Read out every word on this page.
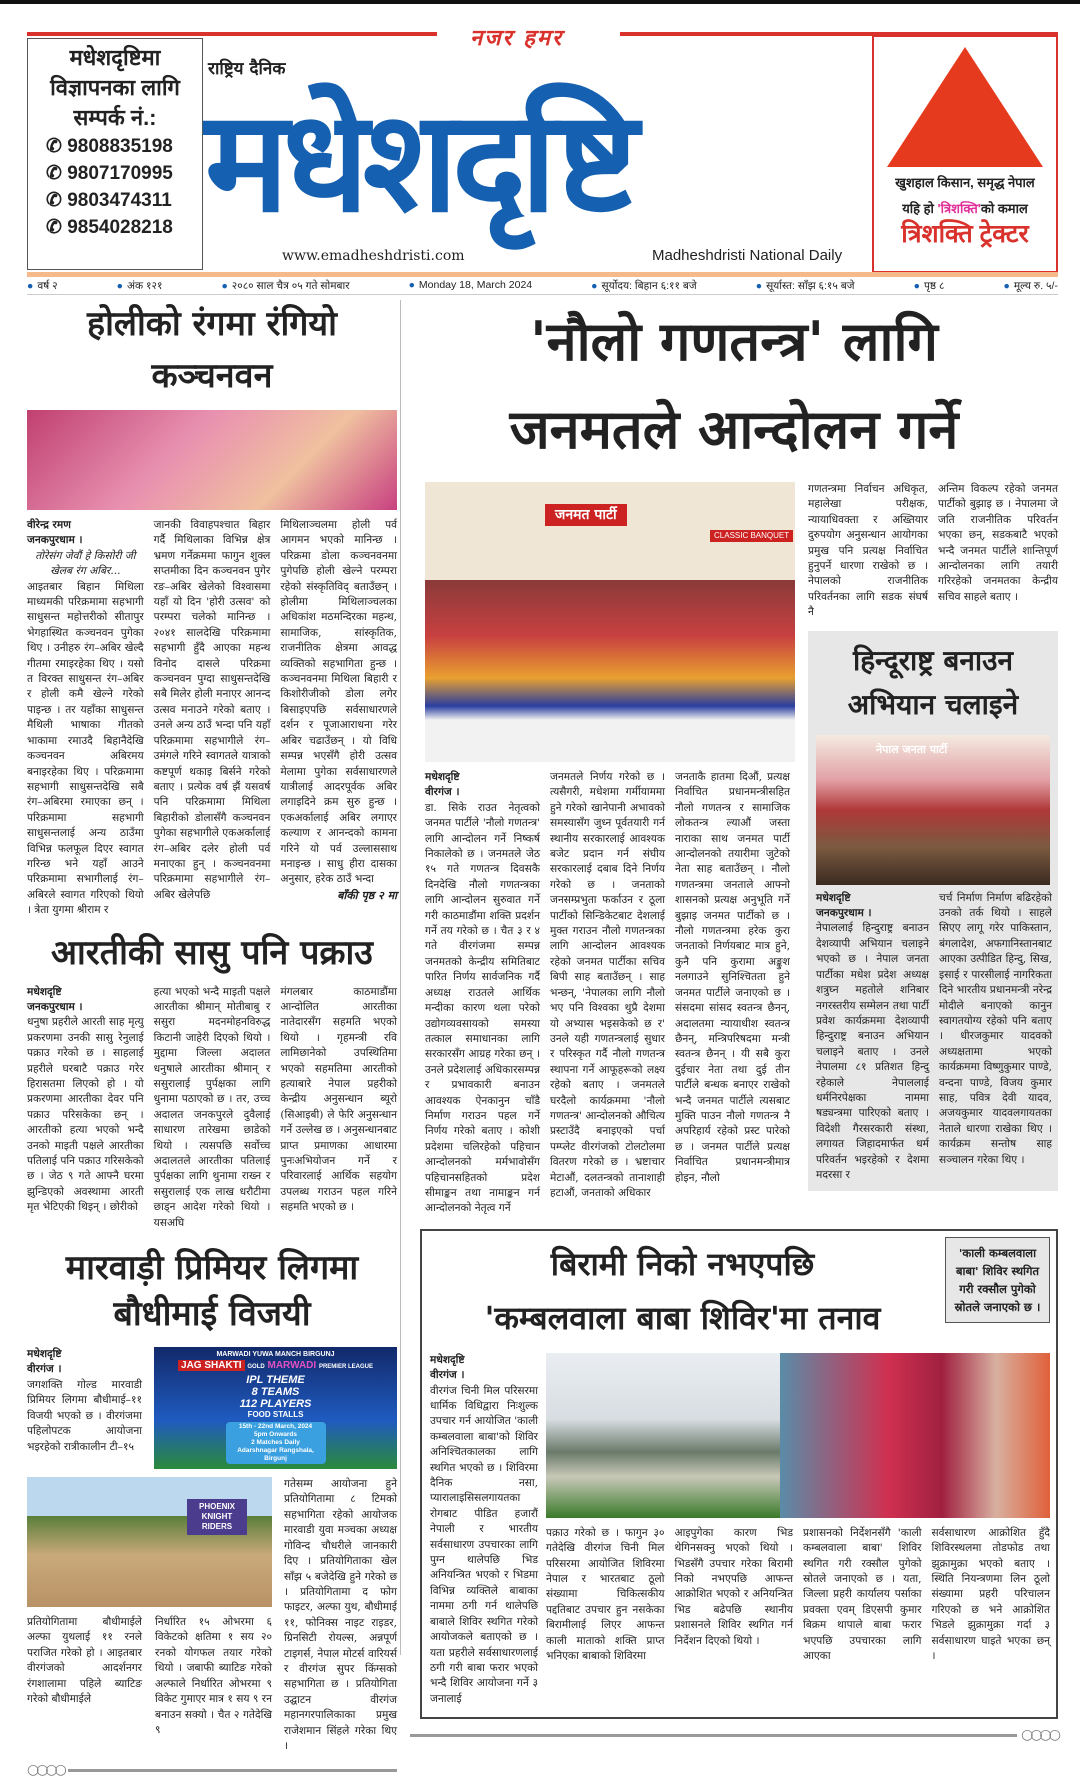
नजर हमर
मधेशदृष्टिमा
विज्ञापनका लागि
सम्पर्क नं.:
✆ 9808835198
✆ 9807170995
✆ 9803474311
✆ 9854028218
राष्ट्रिय दैनिक
मधेशदृष्टि
www.emadheshdristi.com	Madheshdristi National Daily
खुशहाल किसान, समृद्ध नेपाल
यहि हो 'त्रिशक्ति'को कमाल
त्रिशक्ति ट्रेक्टर
● वर्ष २	● अंक १२१	● २०८० साल चैत्र ०५ गते सोमबार	● Monday 18, March 2024	● सूर्योदय: बिहान ६:११ बजे	● सूर्यास्त: साँझ ६:१५ बजे	● पृष्ठ ८	● मूल्य रु. ५/-
होलीको रंगमा रंगियो कञ्चनवन
वीरेन्द्र रमण
जनकपुरधाम ।
तोरेसंग जेवौं हे किसोरी जी
खेलब रंग अबिर...

आइतबार बिहान मिथिला माध्यमकी परिक्रमामा सहभागी साधुसन्त महोत्तरीको सीतापुर भेगहास्थित कञ्चनवन पुगेका थिए । उनीहरु रंग–अबिर खेल्दै गीतमा रमाइरहेका थिए । यसो त विरक्त साधुसन्त रंग–अबिर र होली कमै खेल्ने गरेको पाइन्छ । तर यहाँका साधुसन्त मैथिली भाषाका गीतको भाकामा रमाउदै बिहानैदेखि कञ्चनवन अबिरमय बनाइरहेका थिए । परिक्रमामा सहभागी साधुसन्तदेखि सबै रंग–अबिरमा रमाएका छन् । परिक्रमामा सहभागी साधुसन्तलाई अन्य ठाउँमा विभिन्न फलफूल दिएर स्वागत गरिन्छ भने यहाँ आउने परिक्रमामा सभागीलाई रंग–अबिरले स्वागत गरिएको थियो । त्रेता युगमा श्रीराम र

जानकी विवाहपश्चात बिहार गर्दै मिथिलाका विभिन्न क्षेत्र भ्रमण गर्नेक्रममा फागुन शुक्ल सप्तमीका दिन कञ्चनवन पुगेर रङ–अबिर खेलेको विश्वासमा यहाँ यो दिन 'होरी उत्सव' को परम्परा चलेको मानिन्छ । २०४१ सालदेखि परिक्रमामा सहभागी हुँदै आएका महन्थ विनोद दासले परिक्रमा कञ्चनवन पुग्दा साधुसन्तदेखि सबै मिलेर होली मनाएर आनन्द उत्सव मनाउने गरेको बताए । उनले अन्य ठाउँ भन्दा पनि यहाँ परिक्रमामा सहभागीले रंग–उमंगले गरिने स्वागतले यात्राको कष्टपूर्ण थकाइ बिर्सने गरेको बताए । प्रत्येक वर्ष झैं यसवर्ष पनि परिक्रमामा मिथिला बिहारीको डोलासँगै कञ्चनवन पुगेका सहभागीले एकअर्कालाई रंग–अबिर दलेर होली पर्व मनाएका हुन् । कञ्चनवनमा परिक्रमामा सहभागीले रंग–अबिर खेलेपछि

मिथिलाञ्चलमा होली पर्व आगमन भएको मानिन्छ । परिक्रमा डोला कञ्चनवनमा पुगेपछि होली खेल्ने परम्परा रहेको संस्कृतिविद् बताउँछन् । होलीमा मिथिलाञ्चलका अधिकांश मठमन्दिरका महन्थ, सामाजिक, सांस्कृतिक, राजनीतिक क्षेत्रमा आवद्ध व्यक्तिको सहभागिता हुन्छ । कञ्चनवनमा मिथिला बिहारी र किशोरीजीको डोला लगेर बिसाइएपछि सर्वसाधारणले दर्शन र पूजाआराधना गरेर अबिर चढाउँछन् । यो विधि सम्पन्न भएसँगै होरी उत्सव मेलामा पुगेका सर्वसाधारणले यात्रीलाई आदरपूर्वक अबिर लगाइदिने क्रम सुरु हुन्छ । एकअर्कालाई अबिर लगाएर कल्याण र आनन्दको कामना गरिने यो पर्व उल्लाससाथ मनाइन्छ । साधु हीरा दासका अनुसार, हरेक ठाउँ भन्दा

बाँकी पृष्ठ २ मा
आरतीकी सासु पनि पक्राउ
मधेशदृष्टि
जनकपुरधाम ।

धनुषा प्रहरीले आरती साह मृत्यु प्रकरणमा उनकी सासु रेनुलाई पक्राउ गरेको छ । साहलाई प्रहरीले घरबाटै पक्राउ गरेर हिरासतमा लिएको हो । यो प्रकरणमा आरतीका देवर पनि पक्राउ परिसकेका छन् । आरतीको हत्या भएको भन्दै उनको माइती पक्षले आरतीका पतिलाई पनि पक्राउ गरिसकेको छ । जेठ ९ गते आफ्नै घरमा झुन्डिएको अवस्थामा आरती मृत भेटिएकी थिइन् । छोरीको

हत्या भएको भन्दै माइती पक्षले आरतीका श्रीमान् मोतीबाबु र ससुरा मदनमोहनविरुद्ध किटानी जाहेरी दिएको थियो । मुद्दामा जिल्ला अदालत धनुषाले आरतीका श्रीमान् र ससुरालाई पुर्पक्षका लागि धुनामा पठाएको छ । तर, उच्च अदालत जनकपुरले दुवैलाई साधारण तारेखमा छाडेको थियो । त्यसपछि सर्वोच्च अदालतले आरतीका पतिलाई पुर्पक्षका लागि थुनामा राख्न र ससुरालाई एक लाख धरौटीमा छाड्न आदेश गरेको थियो । यसअघि

मंगलबार काठमाडौंमा आन्दोलित आरतीका नातेदारसँग सहमति भएको थियो । गृहमन्त्री रवि लामिछानेको उपस्थितिमा भएको सहमतिमा आरतीको हत्याबारे नेपाल प्रहरीको केन्द्रीय अनुसन्धान ब्यूरो (सिआइबी) ले फेरि अनुसन्धान गर्ने उल्लेख छ । अनुसन्धानबाट प्राप्त प्रमाणका आधारमा पुनःअभियोजन गर्ने र परिवारलाई आर्थिक सहयोग उपलब्ध गराउन पहल गरिने सहमति भएको छ ।

मारवाड़ी प्रिमियर लिगमा
बौधीमाई विजयी
मधेशदृष्टि
वीरगंज ।

जगशक्ति गोल्ड मारवाडी प्रिमियर लिगमा बौधीमाई–११ विजयी भएको छ । वीरगंजमा पहिलोपटक आयोजना भइरहेको रात्रीकालीन टी–१५

MARWADI YUWA MANCH BIRGUNJ
JAG SHAKTI GOLD MARWADI PREMIER LEAGUE
IPL THEME
8 TEAMS
112 PLAYERS
FOOD STALLS
15th - 22nd March, 2024
5pm Onwards
2 Matches Daily
Adarshnagar Rangshala, Birgunj
PHOENIX KNIGHT RIDERS

प्रतियोगितामा बौधीमाईले अल्फा युथलाई ११ रनले पराजित गरेको हो । आइतबार वीरगंजको आदर्शनगर रंगशालामा पहिले ब्याटिङ गरेको बौधीमाईले

निर्धारित १५ ओभरमा ६ विकेटको क्षतिमा १ सय २० रनको योगफल तयार गरेको थियो । जबाफी ब्याटिङ गरेको अल्फाले निर्धारित ओभरमा ९ विकेट गुमाएर मात्र १ सय ९ रन बनाउन सक्यो । चैत २ गतेदेखि ९

गतेसम्म आयोजना हुने प्रतियोगितामा ८ टिमको सहभागिता रहेको आयोजक मारवाडी युवा मञ्चका अध्यक्ष गोविन्द चौधरीले जानकारी दिए । प्रतियोगिताका खेल साँझ ५ बजेदेखि हुने गरेको छ । प्रतियोगितामा द फोग फाइटर, अल्फा युथ, बौधीमाई ११, फोनिक्स नाइट राइडर, ग्रिनसिटी रोयल्स, अन्नपूर्ण टाइगर्स, नेपाल मोटर्स वारियर्स र वीरगंज सुपर किंग्सको सहभागिता छ । प्रतियोगिता उद्घाटन वीरगंज महानगरपालिकाका प्रमुख राजेशमान सिंहले गरेका थिए ।

○○○○
'नौलो गणतन्त्र' लागि
जनमतले आन्दोलन गर्ने
जनमत पार्टी
CLASSIC BANQUET
मधेशदृष्टि
वीरगंज ।

डा. सिके राउत नेतृत्वको जनमत पार्टीले 'नौलो गणतन्त्र' लागि आन्दोलन गर्ने निष्कर्ष निकालेको छ । जनमतले जेठ १५ गते गणतन्त्र दिवसकै दिनदेखि नौलो गणतन्त्रका लागि आन्दोलन सुरुवात गर्ने गरी काठमाडौंमा शक्ति प्रदर्शन गर्ने तय गरेको छ । चैत ३ र ४ गते वीरगंजमा सम्पन्न जनमतको केन्द्रीय समितिबाट पारित निर्णय सार्वजनिक गर्दै अध्यक्ष राउतले आर्थिक मन्दीका कारण थला परेको उद्योगव्यवसायको समस्या तत्काल समाधानका लागि सरकारसँग आग्रह गरेका छन् । उनले प्रदेशलाई अधिकारसम्पन्न र प्रभावकारी बनाउन आवश्यक ऐनकानुन चाँडै निर्माण गराउन पहल गर्ने निर्णय गरेको बताए । कोशी प्रदेशमा चलिरहेको पहिचान आन्दोलनको मर्मभावोसँग पहिचानसहितको प्रदेश सीमाङ्कन तथा नामाङ्कन गर्न आन्दोलनको नेतृत्व गर्ने

जनमतले निर्णय गरेको छ । त्यसैगरी, मधेशमा गर्मीयाममा हुने गरेको खानेपानी अभावको समस्यासँग जुध्न पूर्वतयारी गर्न स्थानीय सरकारलाई आवश्यक बजेट प्रदान गर्न संघीय सरकारलाई दबाब दिने निर्णय गरेको छ । जनताको जनसम्प्रभुता फर्काउन र ठूला पार्टीको सिन्डिकेटबाट देशलाई मुक्त गराउन नौलो गणतन्त्रका लागि आन्दोलन आवश्यक रहेको जनमत पार्टीका सचिव बिपी साह बताउँछन् । साह भन्छन्, 'नेपालका लागि नौलो भए पनि विश्वका थुप्रै देशमा यो अभ्यास भइसकेको छ र' उनले यही गणतन्त्रलाई सुधार र परिस्कृत गर्दै नौलो गणतन्त्र स्थापना गर्ने आफूहरूको लक्ष्य रहेको बताए । जनमतले घरदैलो कार्यक्रममा 'नौलो गणतन्त्र' आन्दोलनको औचित्य प्रस्टाउँदै बनाइएको पर्चा पम्प्लेट वीरगंजको टोलटोलमा वितरण गरेको छ । भ्रष्टाचार मेटाऔं, दलतन्त्रको तानाशाही हटाऔं, जनताको अधिकार

जनताकै हातमा दिऔं, प्रत्यक्ष निर्वाचित प्रधानमन्त्रीसहित नौलो गणतन्त्र र सामाजिक लोकतन्त्र ल्याऔं जस्ता नाराका साथ जनमत पार्टी आन्दोलनको तयारीमा जुटेको नेता साह बताउँछन् । नौलो गणतन्त्रमा जनताले आफ्नो शासनको प्रत्यक्ष अनुभूति गर्ने बुझाइ जनमत पार्टीको छ । नौलो गणतन्त्रमा हरेक कुरा जनताको निर्णयबाट मात्र हुने, कुनै पनि कुरामा अङ्कुश नलगाउने सुनिश्चितता हुने जनमत पार्टीले जनाएको छ । संसदमा सांसद स्वतन्त्र छैनन्, अदालतमा न्यायाधीश स्वतन्त्र छैनन्, मन्त्रिपरिषदमा मन्त्री स्वतन्त्र छैनन् । यी सबै कुरा दुईचार नेता तथा दुई तीन पार्टीले बन्धक बनाएर राखेको भन्दै जनमत पार्टीले त्यसबाट मुक्ति पाउन नौलो गणतन्त्र नै अपरिहार्य रहेको प्रस्ट पारेको छ । जनमत पार्टीले प्रत्यक्ष निर्वाचित प्रधानमन्त्रीमात्र होइन, नौलो

गणतन्त्रमा निर्वाचन अधिकृत, महालेखा परीक्षक, न्यायाधिवक्ता र अख्तियार दुरुपयोग अनुसन्धान आयोगका प्रमुख पनि प्रत्यक्ष निर्वाचित हुनुपर्ने धारणा राखेको छ । नेपालको राजनीतिक परिवर्तनका लागि सडक संघर्ष नै

अन्तिम विकल्प रहेको जनमत पार्टीको बुझाइ छ । नेपालमा जे जति राजनीतिक परिवर्तन भएका छन्, सडकबाटै भएको भन्दै जनमत पार्टीले शान्तिपूर्ण आन्दोलनका लागि तयारी गरिरहेको जनमतका केन्द्रीय सचिव साहले बताए ।

हिन्दूराष्ट्र बनाउन
अभियान चलाइने
नेपाल जनता पार्टी
मधेशदृष्टि
जनकपुरधाम ।

नेपाललाई हिन्दुराष्ट्र बनाउन देशव्यापी अभियान चलाइने भएको छ । नेपाल जनता पार्टीका मधेश प्रदेश अध्यक्ष शत्रुघ्न महतोले शनिबार नगरस्तरीय सम्मेलन तथा पार्टी प्रवेश कार्यक्रममा देशव्यापी हिन्दुराष्ट्र बनाउन अभियान चलाइने बताए । उनले नेपालमा ८१ प्रतिशत हिन्दु रहेकाले नेपाललाई धर्मनिरपेक्षका नाममा षड्यन्त्रमा पारिएको बताए । विदेशी गैरसरकारी संस्था, लगायत जिहादमार्फत धर्म परिवर्तन भइरहेको र देशमा मदरसा र

चर्च निर्माण निर्माण बढिरहेको उनको तर्क थियो । साहले सिएए लागू गरेर पाकिस्तान, बंगलादेश, अफगानिस्तानबाट आएका उत्पीडित हिन्दु, सिख, इसाई र पारसीलाई नागरिकता दिने भारतीय प्रधानमन्त्री नरेन्द्र मोदीले बनाएको कानुन स्वागतयोग्य रहेको पनि बताए । धीरजकुमार यादवको अध्यक्षतामा भएको कार्यक्रममा विष्णुकुमार पाण्डे, वन्दना पाण्डे, विजय कुमार साह, पवित्र देवी यादव, अजयकुमार यादवलगायतका नेताले धारणा राखेका थिए । कार्यक्रम सन्तोष साह सञ्चालन गरेका थिए ।

बिरामी निको नभएपछि
'कम्बलवाला बाबा शिविर'मा तनाव
'काली कम्बलवाला बाबा' शिविर स्थगित गरी रक्सौल पुगेको स्रोतले जनाएको छ ।
मधेशदृष्टि
वीरगंज ।

वीरगंज चिनी मिल परिसरमा धार्मिक विधिद्वारा निःशुल्क उपचार गर्न आयोजित 'काली कम्बलवाला बाबा'को शिविर अनिश्चितकालका लागि स्थगित भएको छ । शिविरमा दैनिक नसा, प्यारालाइसिसलगायतका रोगबाट पीडित हजारौं नेपाली र भारतीय सर्वसाधारण उपचारका लागि पुग्न थालेपछि भिड अनियन्त्रित भएको र भिडमा विभिन्न व्यक्तिले बाबाका नाममा ठगी गर्न थालेपछि बाबाले शिविर स्थगित गरेको आयोजकले बताएको छ । यता प्रहरीले सर्वसाधारणलाई ठगी गरी बाबा फरार भएको भन्दै शिविर आयोजना गर्ने ३ जनालाई

पक्राउ गरेको छ । फागुन ३० गतेदेखि वीरगंज चिनी मिल परिसरमा आयोजित शिविरमा नेपाल र भारतबाट ठूलो संख्यामा चिकित्सकीय पद्दतिबाट उपचार हुन नसकेका बिरामीलाई लिएर आफन्त काली माताको शक्ति प्राप्त भनिएका बाबाको शिविरमा

आइपुगेका कारण भिड थेगिनसक्नु भएको थियो । भिडसँगै उपचार गरेका बिरामी निको नभएपछि आफन्त आक्रोशित भएको र अनियन्त्रित भिड बढेपछि स्थानीय प्रशासनले शिविर स्थगित गर्न निर्देशन दिएको थियो ।

प्रशासनको निर्देशनसँगै 'काली कम्बलवाला बाबा' शिविर स्थगित गरी रक्सौल पुगेको स्रोतले जनाएको छ । यता, जिल्ला प्रहरी कार्यालय पर्साका प्रवक्ता एवम् डिएसपी कुमार बिक्रम थापाले बाबा फरार भएपछि उपचारका लागि आएका

सर्वसाधारण आक्रोशित हुँदै शिविरस्थलमा तोडफोड तथा झुक्रामुक्रा भएको बताए । स्थिति नियन्त्रणमा लिन ठूलो संख्यामा प्रहरी परिचालन गरिएको छ भने आक्रोशित भिडले झुक्रामुक्रा गर्दा ३ सर्वसाधारण घाइते भएका छन् ।

○○○○
